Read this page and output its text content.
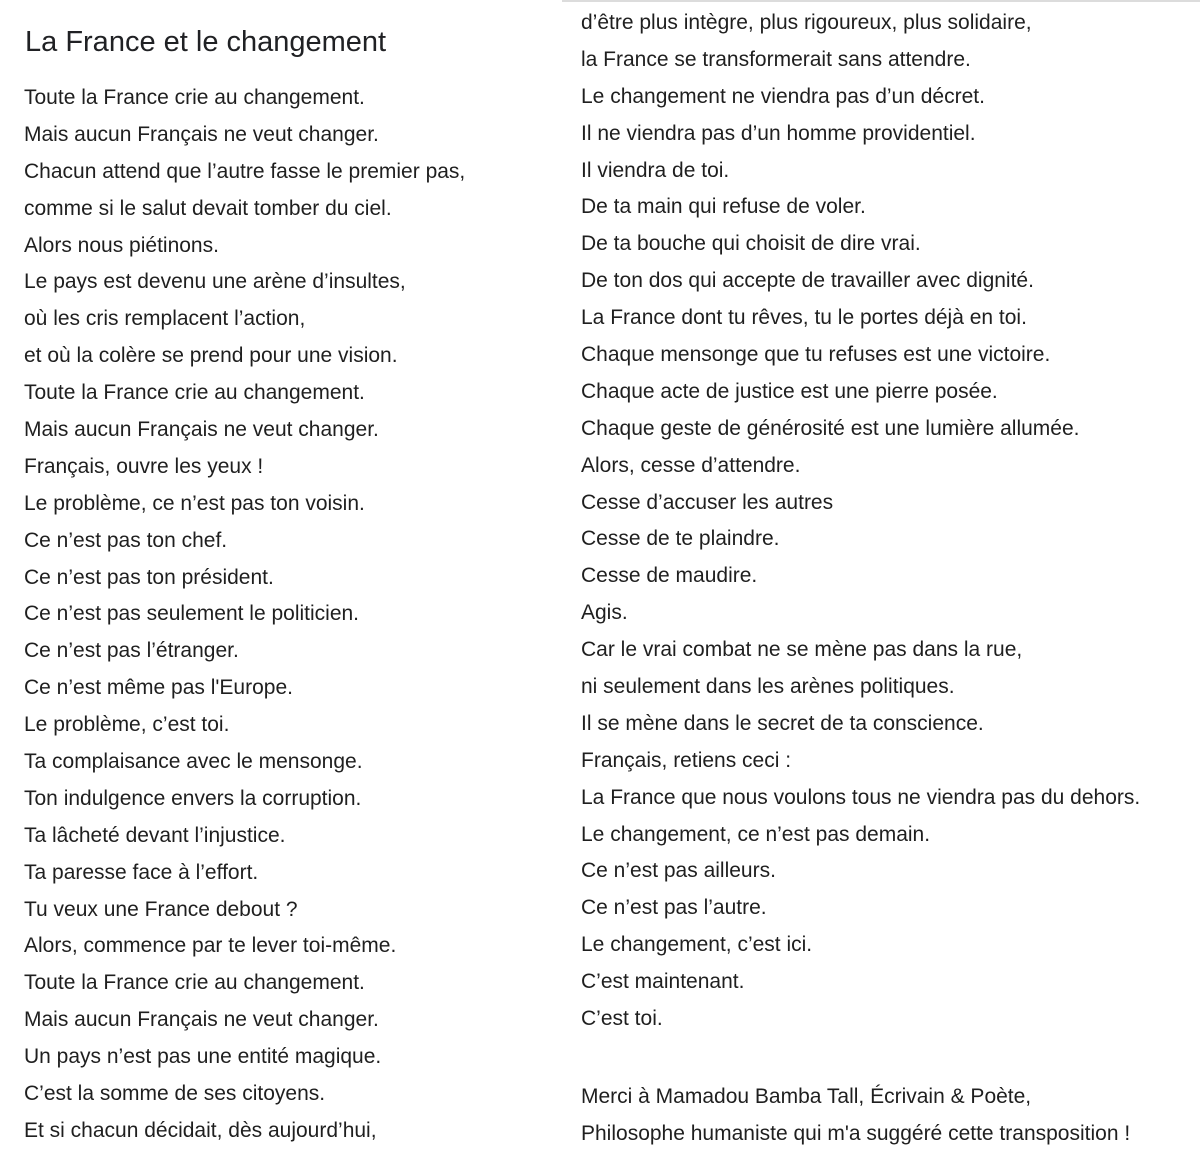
La France et le changement
Toute la France crie au changement.
Mais aucun Français ne veut changer.
Chacun attend que l’autre fasse le premier pas,
comme si le salut devait tomber du ciel.
Alors nous piétinons.
Le pays est devenu une arène d’insultes,
où les cris remplacent l’action,
et où la colère se prend pour une vision.
Toute la France crie au changement.
Mais aucun Français ne veut changer.
Français, ouvre les yeux !
Le problème, ce n’est pas ton voisin.
Ce n’est pas ton chef.
Ce n’est pas ton président.
Ce n’est pas seulement le politicien.
Ce n’est pas l’étranger.
Ce n’est même pas l'Europe.
Le problème, c’est toi.
Ta complaisance avec le mensonge.
Ton indulgence envers la corruption.
Ta lâcheté devant l’injustice.
Ta paresse face à l’effort.
Tu veux une France debout ?
Alors, commence par te lever toi-même.
Toute la France crie au changement.
Mais aucun Français ne veut changer.
Un pays n’est pas une entité magique.
C’est la somme de ses citoyens.
Et si chacun décidait, dès aujourd’hui,
d’être plus intègre, plus rigoureux, plus solidaire,
la France se transformerait sans attendre.
Le changement ne viendra pas d’un décret.
Il ne viendra pas d’un homme providentiel.
Il viendra de toi.
De ta main qui refuse de voler.
De ta bouche qui choisit de dire vrai.
De ton dos qui accepte de travailler avec dignité.
La France dont tu rêves, tu le portes déjà en toi.
Chaque mensonge que tu refuses est une victoire.
Chaque acte de justice est une pierre posée.
Chaque geste de générosité est une lumière allumée.
Alors, cesse d’attendre.
Cesse d’accuser les autres
Cesse de te plaindre.
Cesse de maudire.
Agis.
Car le vrai combat ne se mène pas dans la rue,
ni seulement dans les arènes politiques.
Il se mène dans le secret de ta conscience.
Français, retiens ceci :
La France que nous voulons tous ne viendra pas du dehors.
Le changement, ce n’est pas demain.
Ce n’est pas ailleurs.
Ce n’est pas l’autre.
Le changement, c’est ici.
C’est maintenant.
C’est toi.
Merci à Mamadou Bamba Tall, Écrivain & Poète,
Philosophe humaniste qui m'a suggéré cette transposition !
